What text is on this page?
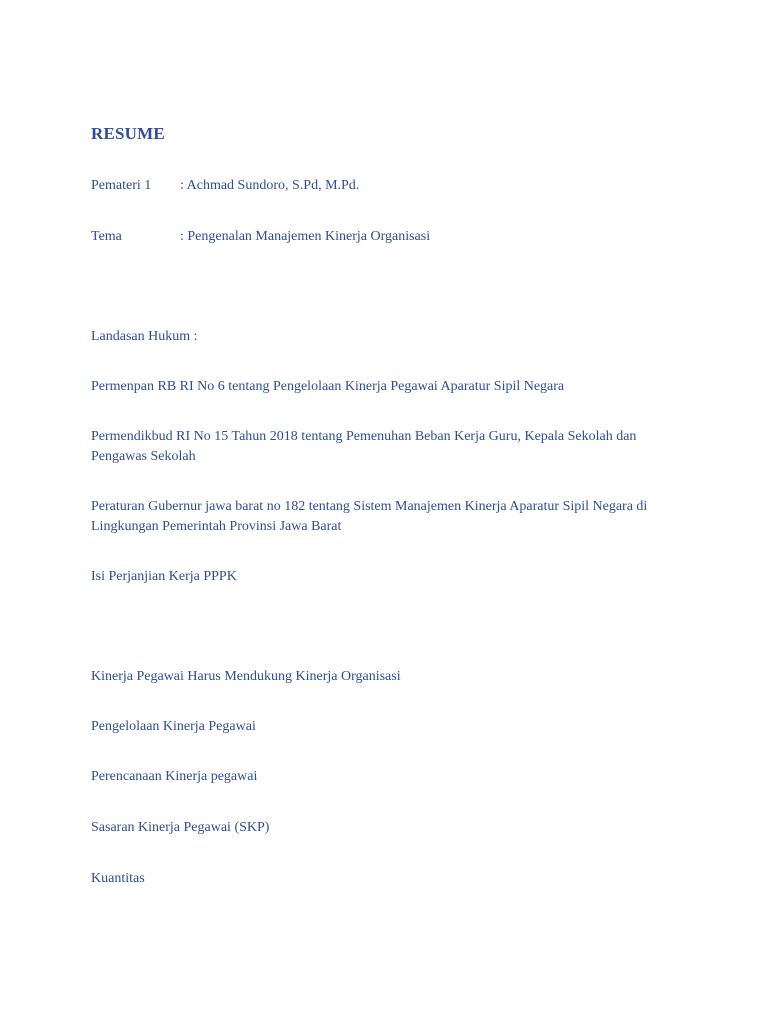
RESUME
Pemateri 1 : Achmad Sundoro, S.Pd, M.Pd.
Tema	: Pengenalan Manajemen Kinerja Organisasi
Landasan Hukum :
Permenpan RB RI No 6 tentang Pengelolaan Kinerja Pegawai Aparatur Sipil Negara
Permendikbud RI No 15 Tahun 2018 tentang Pemenuhan Beban Kerja Guru, Kepala Sekolah dan Pengawas Sekolah
Peraturan Gubernur jawa barat no 182 tentang Sistem Manajemen Kinerja Aparatur Sipil Negara di Lingkungan Pemerintah Provinsi Jawa Barat
Isi Perjanjian Kerja PPPK
Kinerja Pegawai Harus Mendukung Kinerja Organisasi
Pengelolaan Kinerja Pegawai
Perencanaan Kinerja pegawai
Sasaran Kinerja Pegawai (SKP)
Kuantitas
